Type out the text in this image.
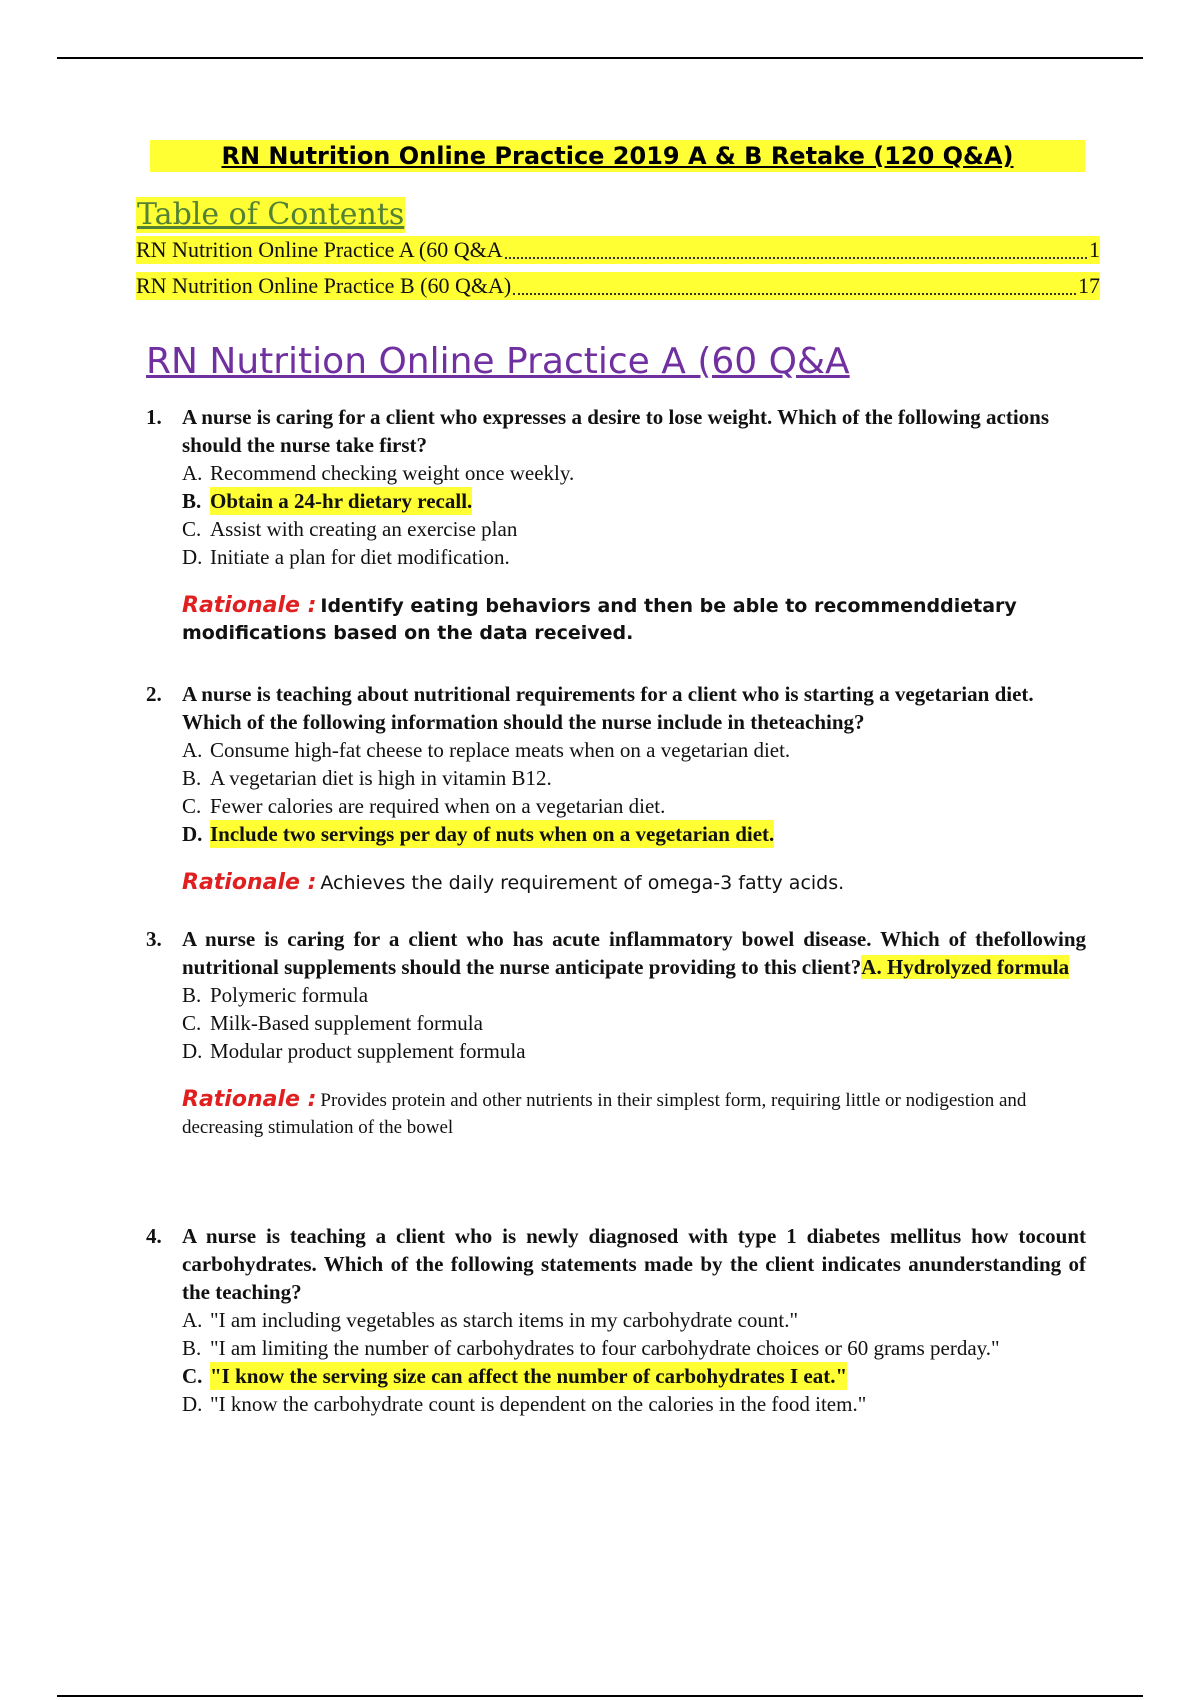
RN Nutrition Online Practice 2019 A & B Retake (120 Q&A)
Table of Contents
RN Nutrition Online Practice A (60 Q&A	1
RN Nutrition Online Practice B (60 Q&A)	17
RN Nutrition Online Practice A (60 Q&A
1. A nurse is caring for a client who expresses a desire to lose weight. Which of the following actions should the nurse take first?
A. Recommend checking weight once weekly.
B. Obtain a 24-hr dietary recall.
C. Assist with creating an exercise plan
D. Initiate a plan for diet modification.
Rationale : Identify eating behaviors and then be able to recommenddietary modifications based on the data received.
2. A nurse is teaching about nutritional requirements for a client who is starting a vegetarian diet. Which of the following information should the nurse include in theteaching?
A. Consume high-fat cheese to replace meats when on a vegetarian diet.
B. A vegetarian diet is high in vitamin B12.
C. Fewer calories are required when on a vegetarian diet.
D. Include two servings per day of nuts when on a vegetarian diet.
Rationale : Achieves the daily requirement of omega-3 fatty acids.
3. A nurse is caring for a client who has acute inflammatory bowel disease. Which of thefollowing nutritional supplements should the nurse anticipate providing to this client?A. Hydrolyzed formula
B. Polymeric formula
C. Milk-Based supplement formula
D. Modular product supplement formula
Rationale : Provides protein and other nutrients in their simplest form, requiring little or nodigestion and decreasing stimulation of the bowel
4. A nurse is teaching a client who is newly diagnosed with type 1 diabetes mellitus how tocount carbohydrates. Which of the following statements made by the client indicates anunderstanding of the teaching?
A. "I am including vegetables as starch items in my carbohydrate count."
B. "I am limiting the number of carbohydrates to four carbohydrate choices or 60 grams perday."
C. "I know the serving size can affect the number of carbohydrates I eat."
D. "I know the carbohydrate count is dependent on the calories in the food item."
